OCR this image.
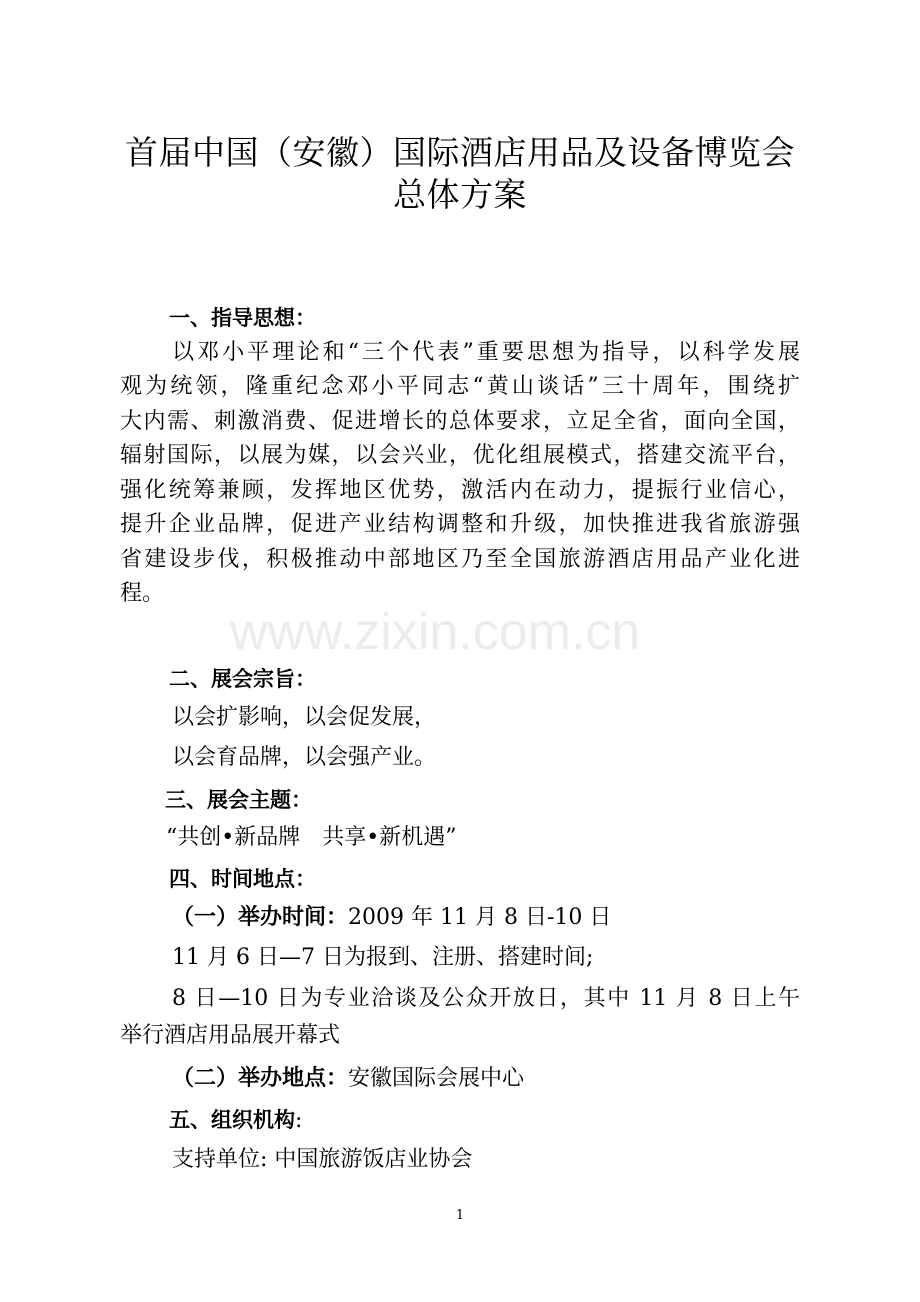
首届中国（安徽）国际酒店用品及设备博览会
总体方案
一、指导思想：
以邓小平理论和“三个代表”重要思想为指导，以科学发展
观为统领，隆重纪念邓小平同志“黄山谈话”三十周年，围绕扩
大内需、刺激消费、促进增长的总体要求，立足全省，面向全国，
辐射国际，以展为媒，以会兴业，优化组展模式，搭建交流平台，
强化统筹兼顾，发挥地区优势，激活内在动力，提振行业信心，
提升企业品牌，促进产业结构调整和升级，加快推进我省旅游强
省建设步伐，积极推动中部地区乃至全国旅游酒店用品产业化进
程。
www.zixin.com.cn
二、展会宗旨：
以会扩影响，以会促发展，
以会育品牌，以会强产业。
三、展会主题：
“共创•新品牌　共享•新机遇”
四、时间地点：
（一）举办时间：2009 年 11 月 8 日-10 日
11 月 6 日—7 日为报到、注册、搭建时间;
8 日—10 日为专业洽谈及公众开放日，其中 11 月 8 日上午
举行酒店用品展开幕式
（二）举办地点：安徽国际会展中心
五、组织机构:
支持单位: 中国旅游饭店业协会
1
